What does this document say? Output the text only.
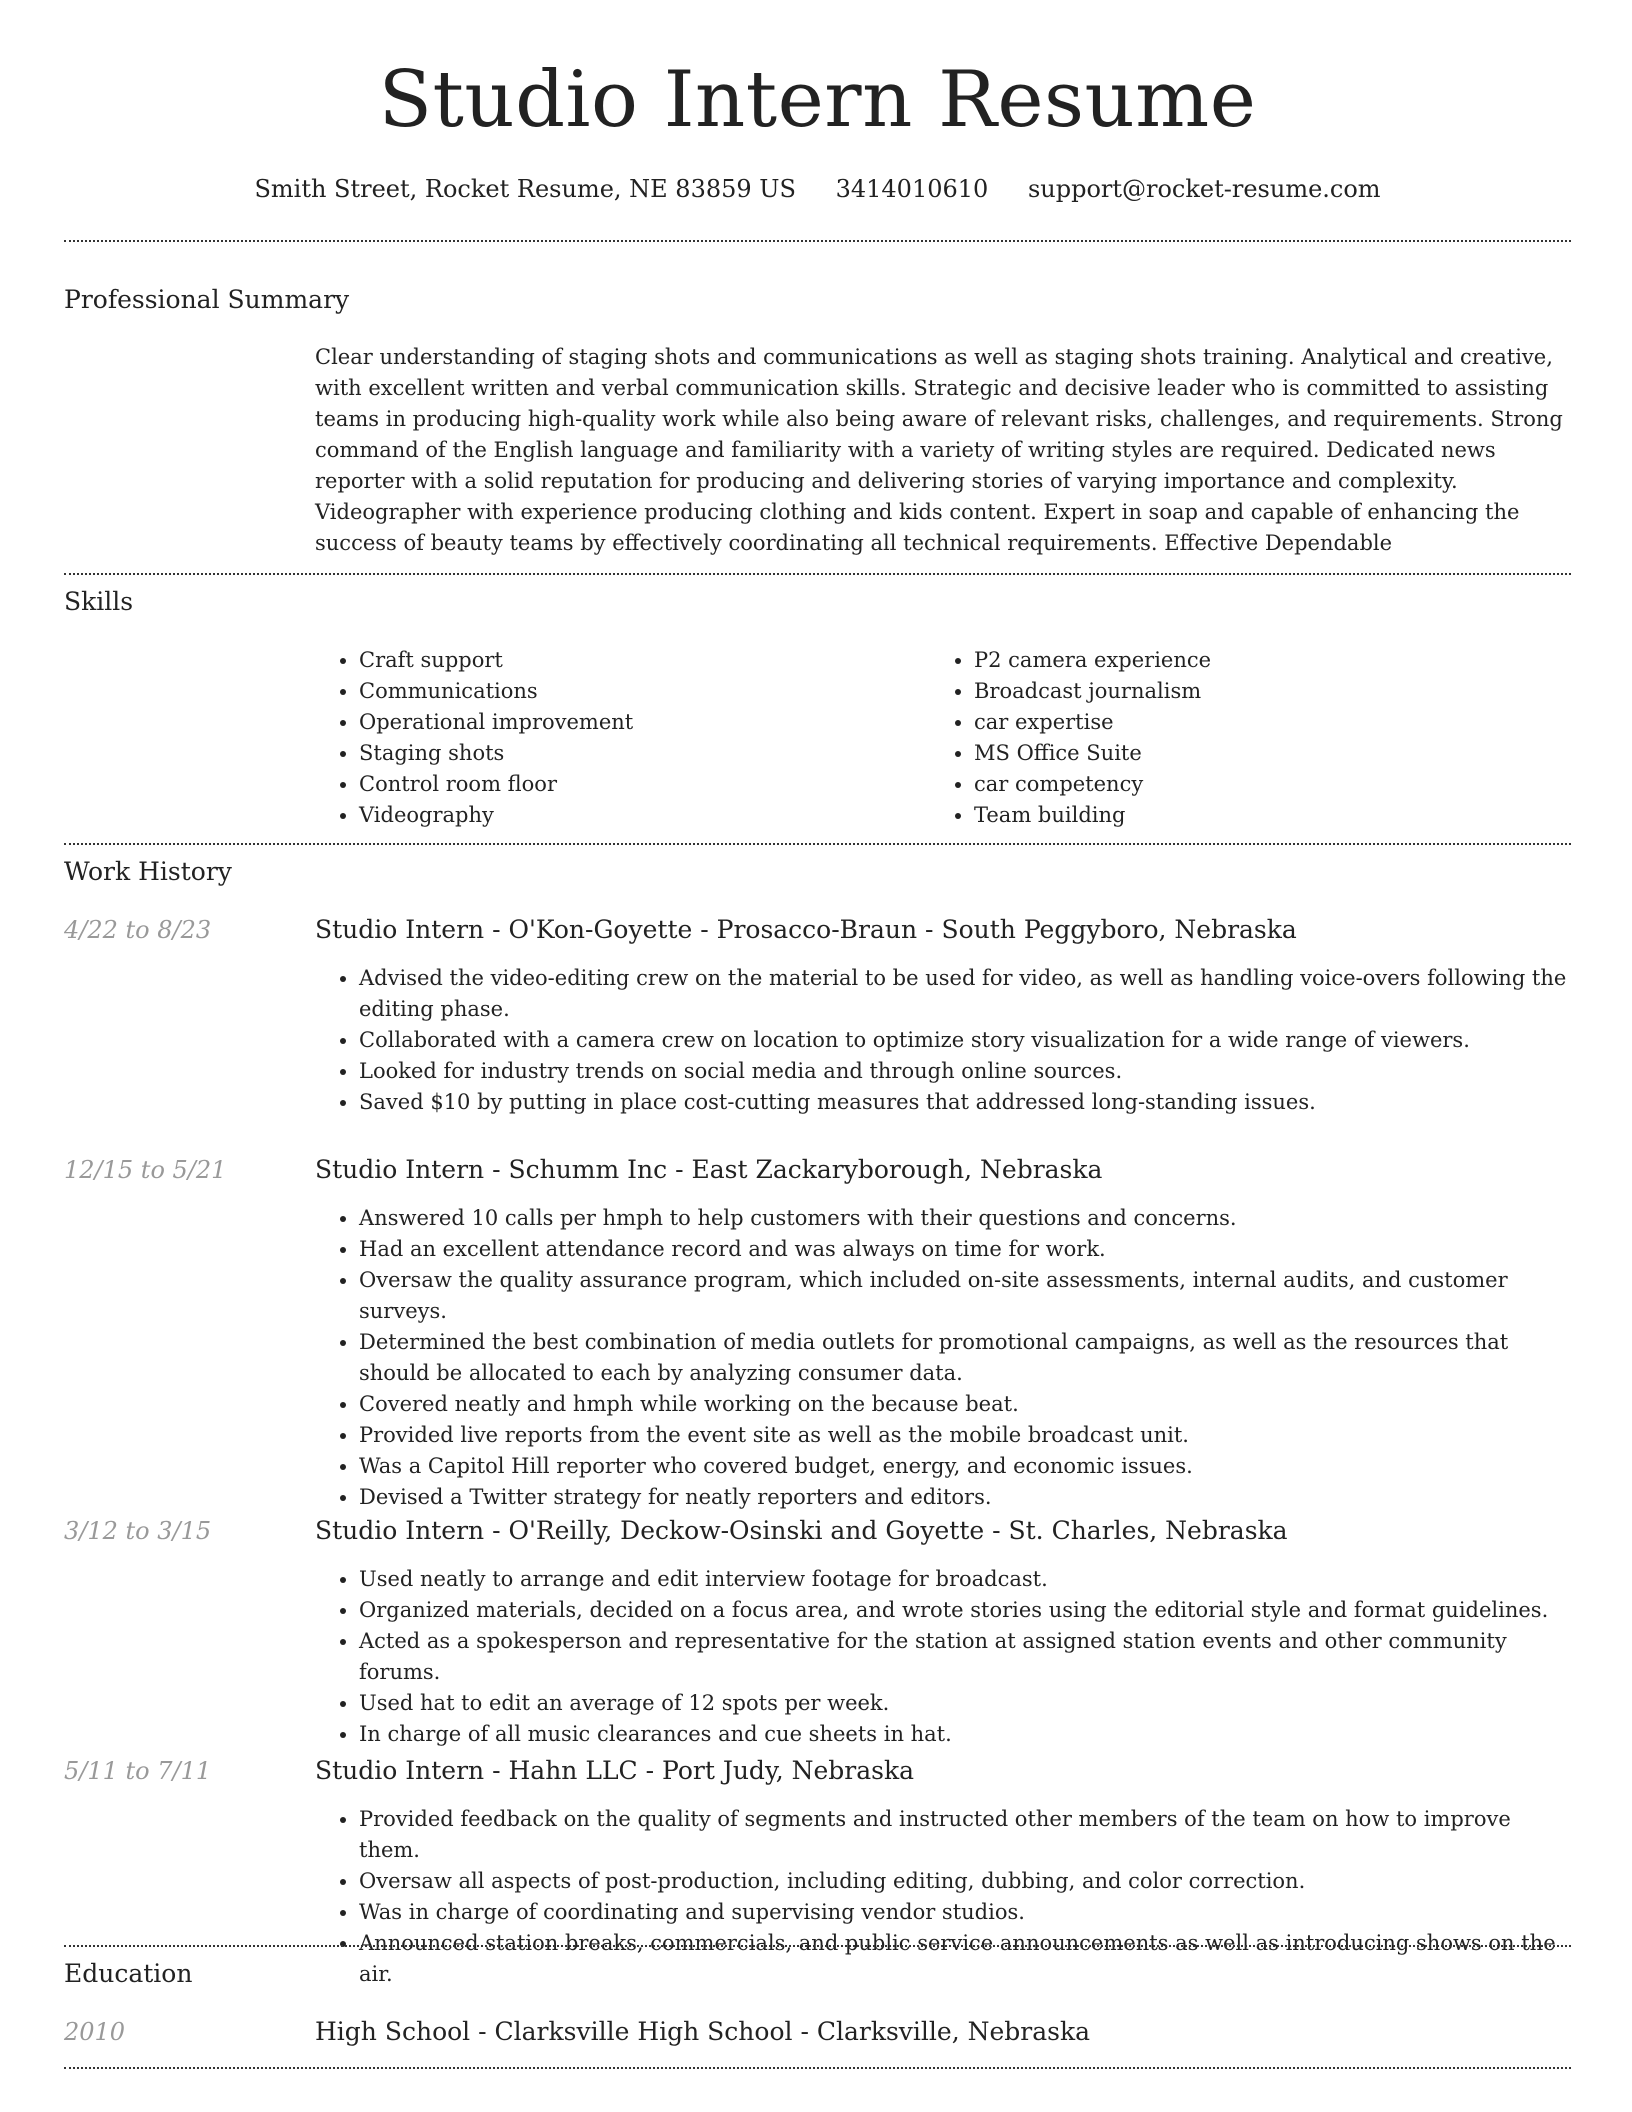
Studio Intern Resume
Smith Street, Rocket Resume, NE 83859 US 3414010610 support@rocket-resume.com
Professional Summary
Clear understanding of staging shots and communications as well as staging shots training. Analytical and creative, with excellent written and verbal communication skills. Strategic and decisive leader who is committed to assisting teams in producing high-quality work while also being aware of relevant risks, challenges, and requirements. Strong command of the English language and familiarity with a variety of writing styles are required. Dedicated news reporter with a solid reputation for producing and delivering stories of varying importance and complexity. Videographer with experience producing clothing and kids content. Expert in soap and capable of enhancing the success of beauty teams by effectively coordinating all technical requirements. Effective Dependable
Skills
• Craft support
• Communications
• Operational improvement
• Staging shots
• Control room floor
• Videography
• P2 camera experience
• Broadcast journalism
• car expertise
• MS Office Suite
• car competency
• Team building
Work History
4/22 to 8/23	Studio Intern - O'Kon-Goyette - Prosacco-Braun - South Peggyboro, Nebraska
• Advised the video-editing crew on the material to be used for video, as well as handling voice-overs following the editing phase.
• Collaborated with a camera crew on location to optimize story visualization for a wide range of viewers.
• Looked for industry trends on social media and through online sources.
• Saved $10 by putting in place cost-cutting measures that addressed long-standing issues.
12/15 to 5/21	Studio Intern - Schumm Inc - East Zackaryborough, Nebraska
• Answered 10 calls per hmph to help customers with their questions and concerns.
• Had an excellent attendance record and was always on time for work.
• Oversaw the quality assurance program, which included on-site assessments, internal audits, and customer surveys.
• Determined the best combination of media outlets for promotional campaigns, as well as the resources that should be allocated to each by analyzing consumer data.
• Covered neatly and hmph while working on the because beat.
• Provided live reports from the event site as well as the mobile broadcast unit.
• Was a Capitol Hill reporter who covered budget, energy, and economic issues.
• Devised a Twitter strategy for neatly reporters and editors.
3/12 to 3/15	Studio Intern - O'Reilly, Deckow-Osinski and Goyette - St. Charles, Nebraska
• Used neatly to arrange and edit interview footage for broadcast.
• Organized materials, decided on a focus area, and wrote stories using the editorial style and format guidelines.
• Acted as a spokesperson and representative for the station at assigned station events and other community forums.
• Used hat to edit an average of 12 spots per week.
• In charge of all music clearances and cue sheets in hat.
5/11 to 7/11	Studio Intern - Hahn LLC - Port Judy, Nebraska
• Provided feedback on the quality of segments and instructed other members of the team on how to improve them.
• Oversaw all aspects of post-production, including editing, dubbing, and color correction.
• Was in charge of coordinating and supervising vendor studios.
• Announced station breaks, commercials, and public service announcements as well as introducing shows on the air.
Education
2010	High School - Clarksville High School - Clarksville, Nebraska
